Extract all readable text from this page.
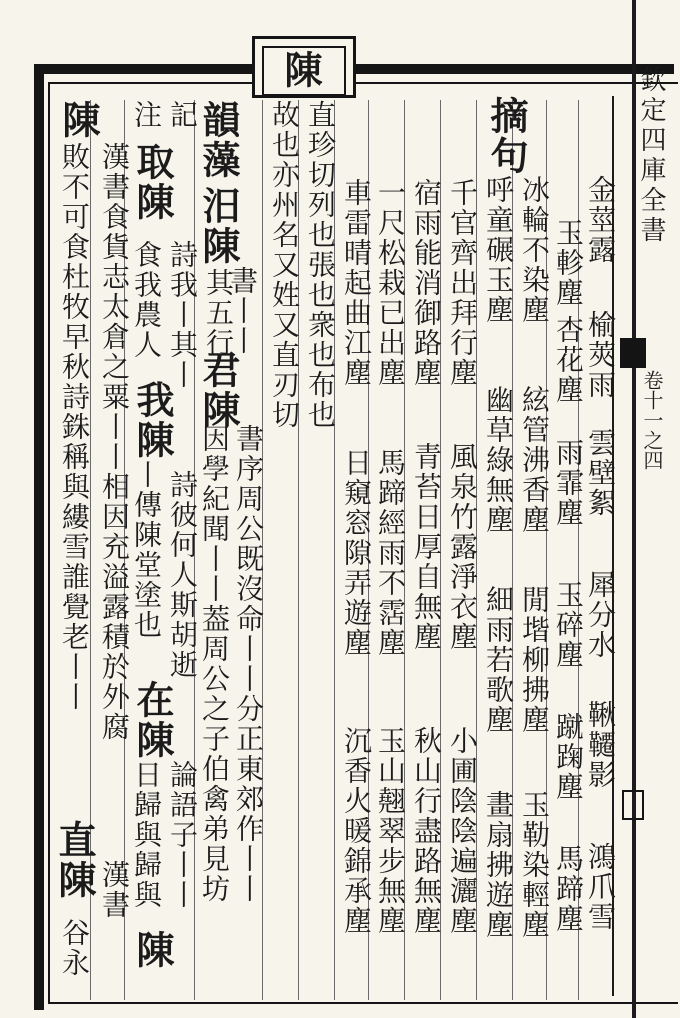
欽定四庫全書
卷十一之四
陳
金莖露
榆莢雨
雲壁絮
犀分水
鞦韆影
鴻爪雪
玉軫塵
杏花塵
雨霏塵
玉碎塵
蹴踘塵
馬蹄塵
冰輪不染塵
絃管沸香塵
閒堦柳拂塵
玉勒染輕塵
呼童碾玉塵
幽草綠無塵
細雨若歌塵
畫扇拂遊塵
摘句
千官齊出拜行塵
風泉竹露淨衣塵
小圃陰陰遍灑塵
宿雨能消御路塵
青苔日厚自無塵
秋山行盡路無塵
一尺松栽已出塵
馬蹄經雨不霑塵
玉山翹翠步無塵
車雷晴起曲江塵
日窺窓隙弄遊塵
沉香火暖錦承塵
直珍切列也張也衆也布也
故也亦州名又姓又直刃切
韻藻
汨陳
書丨丨
其五行
君陳
書序周公既沒命丨丨分正東郊作丨丨
因學紀聞丨丨葢周公之子伯禽弟見坊
記
取陳
詩我丨其丨
我陳
詩彼何人斯胡逝
注
食我農人
丨丨傳陳堂塗也
在陳
論語子丨丨
日歸與歸與
陳
陳
漢書食貨志太倉之粟丨丨相因充溢露積於外腐
漢書
敗不可食杜牧早秋詩銖稱與縷雪誰覺老丨丨
直陳
谷永
